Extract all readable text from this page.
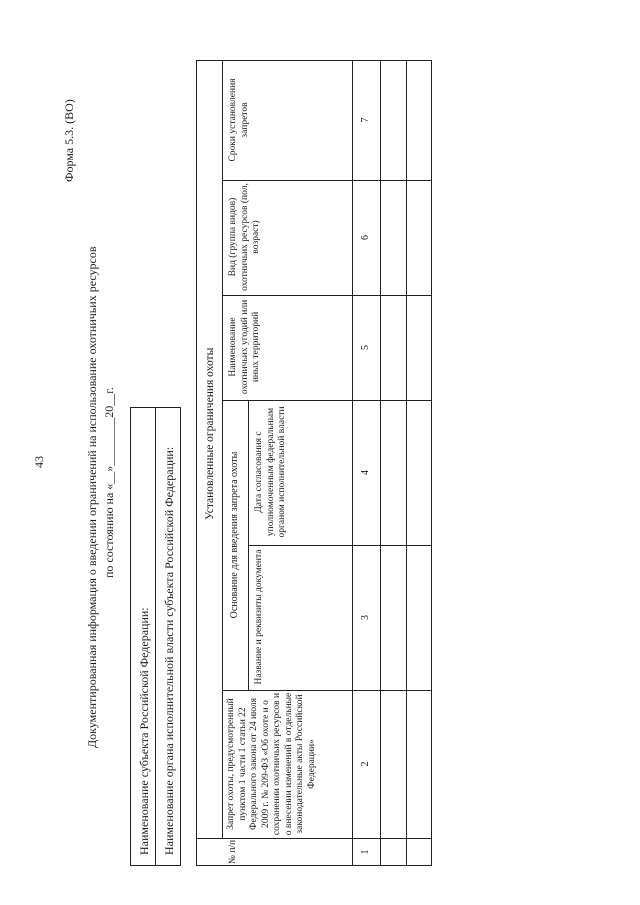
43
Форма 5.3. (ВО)
Документированная информация о введении ограничений на использование охотничьих ресурсов по состоянию на «__»________20__г.
Наименование субъекта Российской Федерации: Наименование органа исполнительной власти субъекта Российской Федерации:
Установленные ограничения охоты
Основание для введения запрета охоты
№ п/п
Запрет охоты, предусмотренный пунктом 1 части 1 статьи 22 Федерального закона от 24 июля 2009 г. № 209-ФЗ «Об охоте и о сохранении охотничьих ресурсов и о внесении изменений в отдельные законодательные акты Российской Федерации»
Название и реквизиты документа
Дата согласования с уполномоченным федеральным органом исполнительной власти
Наименование охотничьих угодий или иных территорий
Вид (группа видов) охотничьих ресурсов (пол, возраст)
Сроки установления запретов
1
2
3
4
5
6
7
